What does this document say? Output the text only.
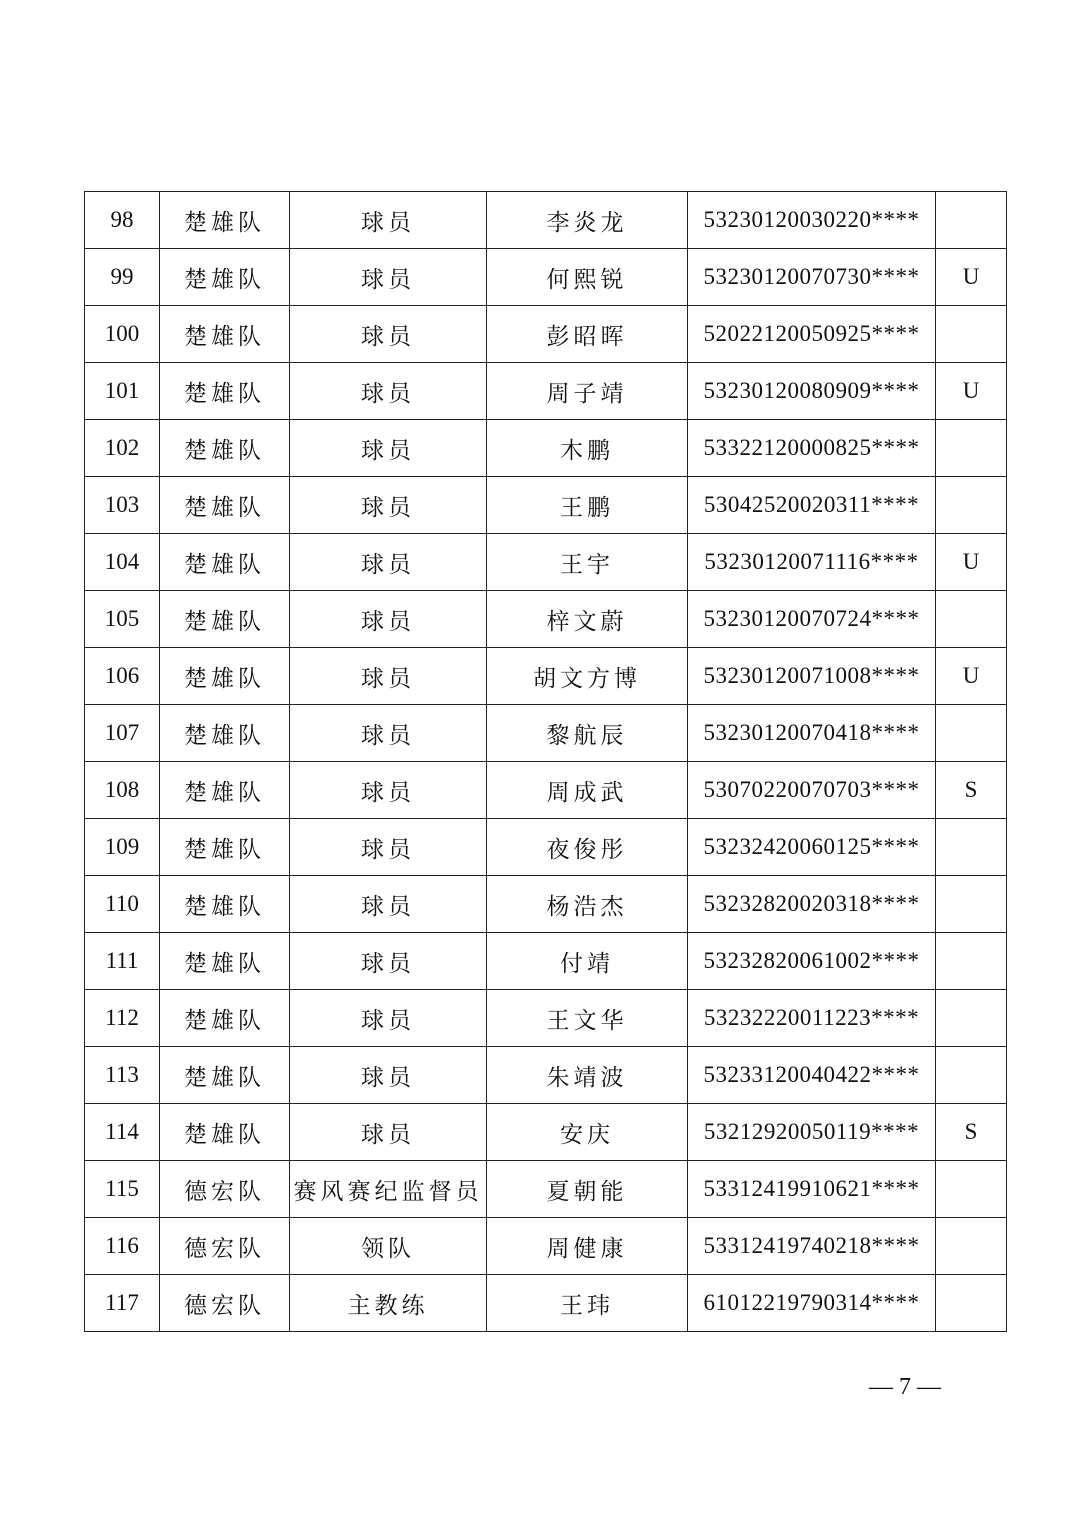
98	楚雄队	球员	李炎龙	53230120030220****	
99	楚雄队	球员	何熙锐	53230120070730****	U
100	楚雄队	球员	彭昭晖	52022120050925****	
101	楚雄队	球员	周子靖	53230120080909****	U
102	楚雄队	球员	木鹏	53322120000825****	
103	楚雄队	球员	王鹏	53042520020311****	
104	楚雄队	球员	王宇	53230120071116****	U
105	楚雄队	球员	梓文蔚	53230120070724****	
106	楚雄队	球员	胡文方博	53230120071008****	U
107	楚雄队	球员	黎航辰	53230120070418****	
108	楚雄队	球员	周成武	53070220070703****	S
109	楚雄队	球员	夜俊彤	53232420060125****	
110	楚雄队	球员	杨浩杰	53232820020318****	
111	楚雄队	球员	付靖	53232820061002****	
112	楚雄队	球员	王文华	53232220011223****	
113	楚雄队	球员	朱靖波	53233120040422****	
114	楚雄队	球员	安庆	53212920050119****	S
115	德宏队	赛风赛纪监督员	夏朝能	53312419910621****	
116	德宏队	领队	周健康	53312419740218****	
117	德宏队	主教练	王玮	61012219790314****	
— 7 —
